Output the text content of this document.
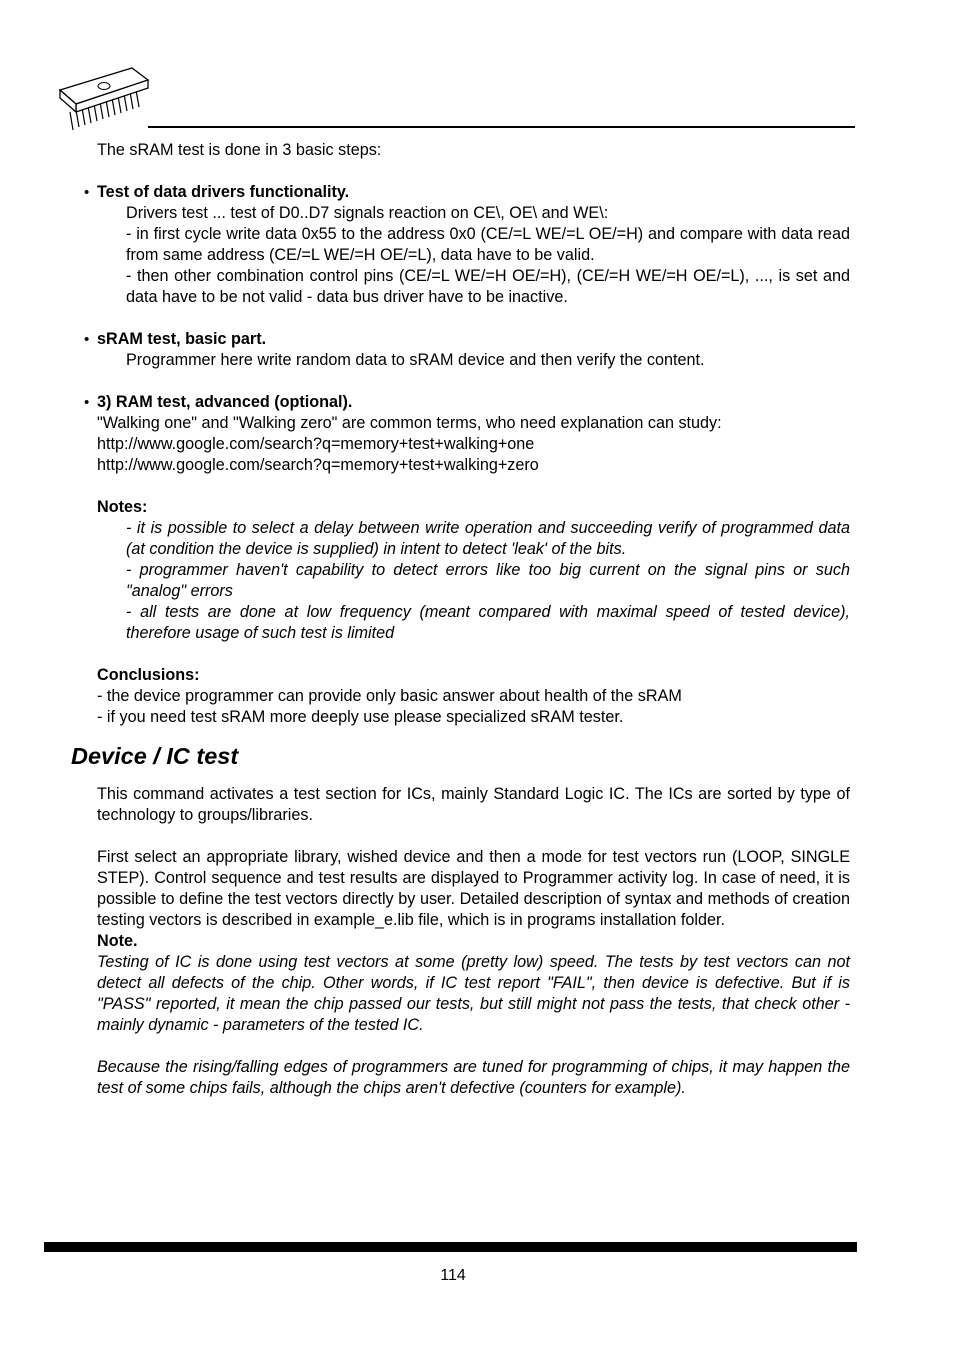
The sRAM test is done in 3 basic steps:

• Test of data drivers functionality.

Drivers test ... test of D0..D7 signals reaction on CE\, OE\ and WE\:

- in first cycle write data 0x55 to the address 0x0 (CE/=L WE/=L OE/=H) and compare with data read from same address (CE/=L WE/=H OE/=L), data have to be valid.

- then other combination control pins (CE/=L WE/=H OE/=H), (CE/=H WE/=H OE/=L), ..., is set and data have to be not valid - data bus driver have to be inactive.

• sRAM test, basic part.

Programmer here write random data to sRAM device and then verify the content.

• 3) RAM test, advanced (optional).

"Walking one" and "Walking zero" are common terms, who need explanation can study:

http://www.google.com/search?q=memory+test+walking+one

http://www.google.com/search?q=memory+test+walking+zero

Notes:

- it is possible to select a delay between write operation and succeeding verify of programmed data (at condition the device is supplied) in intent to detect 'leak' of the bits.

- programmer haven't capability to detect errors like too big current on the signal pins or such "analog" errors

- all tests are done at low frequency (meant compared with maximal speed of tested device), therefore usage of such test is limited

Conclusions:

- the device programmer can provide only basic answer about health of the sRAM

- if you need test sRAM more deeply use please specialized sRAM tester.

Device / IC test

This command activates a test section for ICs, mainly Standard Logic IC. The ICs are sorted by type of technology to groups/libraries.

First select an appropriate library, wished device and then a mode for test vectors run (LOOP, SINGLE STEP). Control sequence and test results are displayed to Programmer activity log. In case of need, it is possible to define the test vectors directly by user. Detailed description of syntax and methods of creation testing vectors is described in example_e.lib file, which is in programs installation folder.

Note.

Testing of IC is done using test vectors at some (pretty low) speed. The tests by test vectors can not detect all defects of the chip. Other words, if IC test report "FAIL", then device is defective. But if is "PASS" reported, it mean the chip passed our tests, but still might not pass the tests, that check other - mainly dynamic - parameters of the tested IC.

Because the rising/falling edges of programmers are tuned for programming of chips, it may happen the test of some chips fails, although the chips aren't defective (counters for example).

114
